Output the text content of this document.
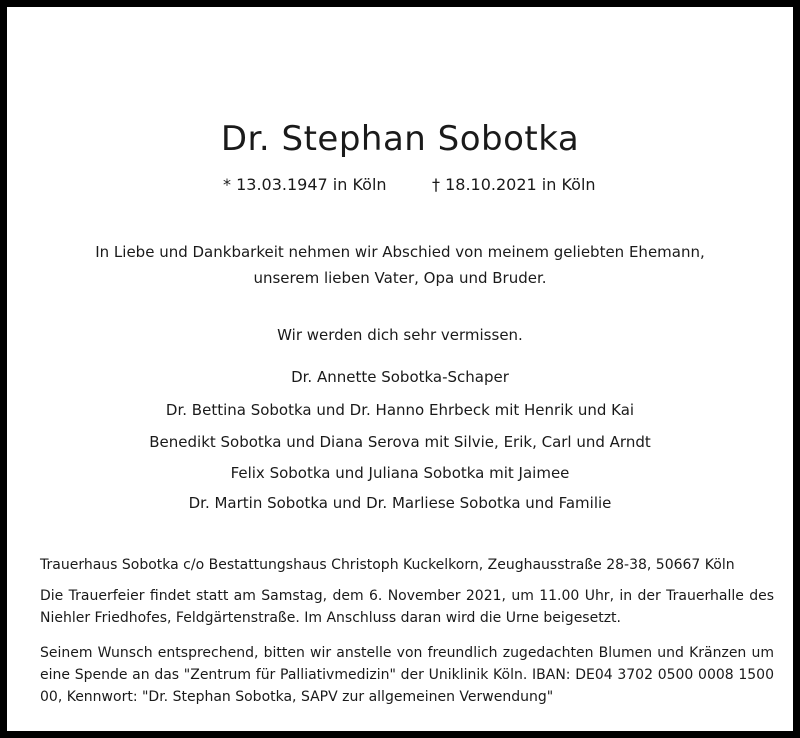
Dr. Stephan Sobotka
* 13.03.1947 in Köln	† 18.10.2021 in Köln
In Liebe und Dankbarkeit nehmen wir Abschied von meinem geliebten Ehemann,
unserem lieben Vater, Opa und Bruder.
Wir werden dich sehr vermissen.
Dr. Annette Sobotka-Schaper
Dr. Bettina Sobotka und Dr. Hanno Ehrbeck mit Henrik und Kai
Benedikt Sobotka und Diana Serova mit Silvie, Erik, Carl und Arndt
Felix Sobotka und Juliana Sobotka mit Jaimee
Dr. Martin Sobotka und Dr. Marliese Sobotka und Familie
Trauerhaus Sobotka c/o Bestattungshaus Christoph Kuckelkorn, Zeughausstraße 28-38, 50667 Köln
Die Trauerfeier findet statt am Samstag, dem 6. November 2021, um 11.00 Uhr, in der Trauerhalle des Niehler Friedhofes, Feldgärtenstraße. Im Anschluss daran wird die Urne beigesetzt.
Seinem Wunsch entsprechend, bitten wir anstelle von freundlich zugedachten Blumen und Kränzen um eine Spende an das "Zentrum für Palliativmedizin" der Uniklinik Köln. IBAN: DE04 3702 0500 0008 1500 00, Kennwort: "Dr. Stephan Sobotka, SAPV zur allgemeinen Verwendung"
